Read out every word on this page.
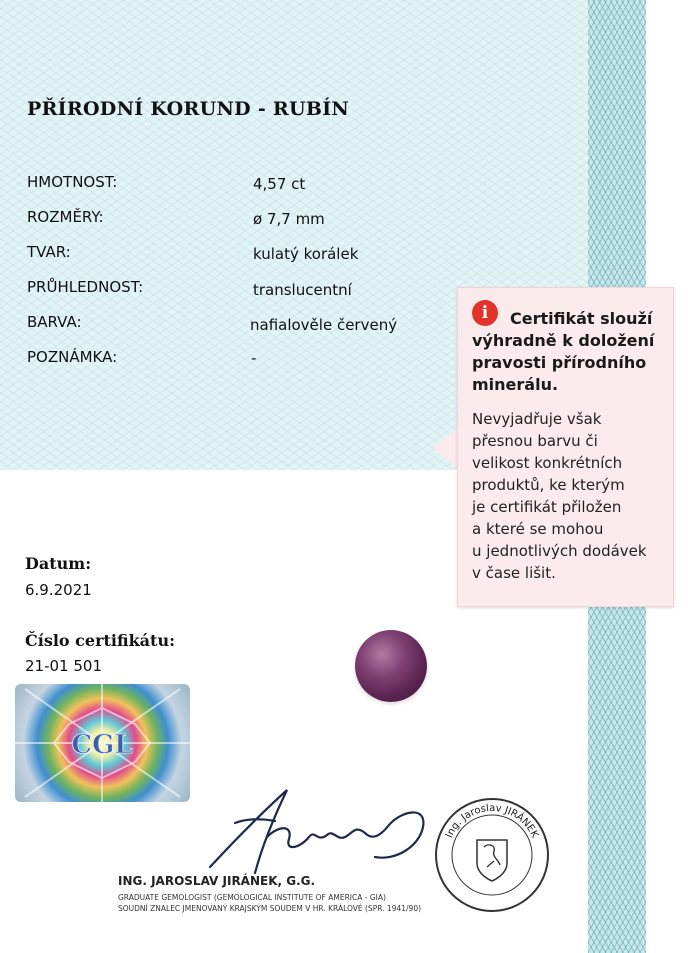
PŘÍRODNÍ KORUND - RUBÍN
HMOTNOST:	4,57 ct
ROZMĚRY:	ø 7,7 mm
TVAR:	kulatý korálek
PRŮHLEDNOST:	translucentní
BARVA:	nafialověle červený
POZNÁMKA:	-
Datum:
6.9.2021
Číslo certifikátu:
21-01 501
CGL
Ing. Jaroslav JIRÁNEK
ING. JAROSLAV JIRÁNEK, G.G.
GRADUATE GEMOLOGIST (GEMOLOGICAL INSTITUTE OF AMERICA - GIA)
SOUDNÍ ZNALEC JMENOVANÝ KRAJSKÝM SOUDEM V HR. KRÁLOVÉ (SPR. 1941/90)
i	Certifikát slouží výhradně k doložení pravosti přírodního minerálu.
Nevyjadřuje však
přesnou barvu či
velikost konkrétních
produktů, ke kterým
je certifikát přiložen
a které se mohou
u jednotlivých dodávek
v čase lišit.
